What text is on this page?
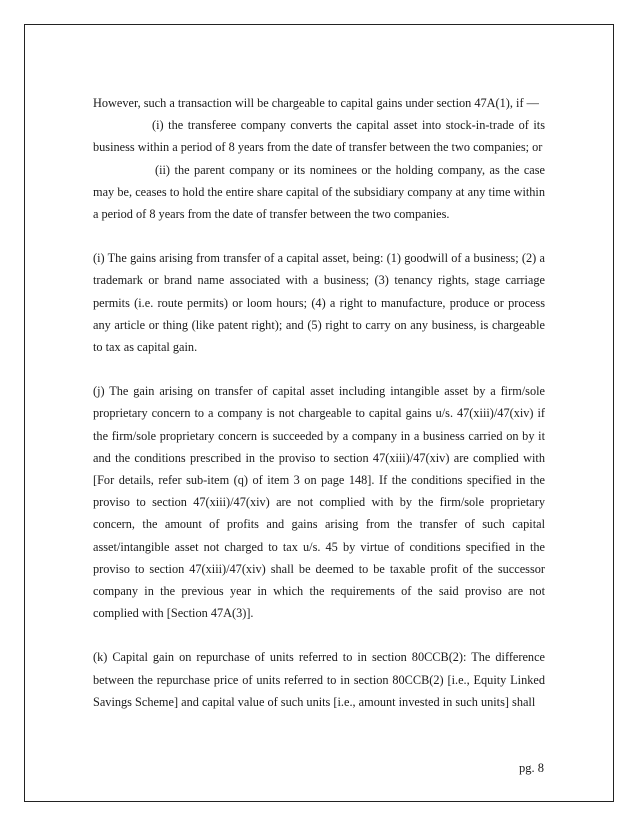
However, such a transaction will be chargeable to capital gains under section 47A(1), if —

(i) the transferee company converts the capital asset into stock-in-trade of its business within a period of 8 years from the date of transfer between the two companies; or

(ii) the parent company or its nominees or the holding company, as the case may be, ceases to hold the entire share capital of the subsidiary company at any time within a period of 8 years from the date of transfer between the two companies.

(i) The gains arising from transfer of a capital asset, being: (1) goodwill of a business; (2) a trademark or brand name associated with a business; (3) tenancy rights, stage carriage permits (i.e. route permits) or loom hours; (4) a right to manufacture, produce or process any article or thing (like patent right); and (5) right to carry on any business, is chargeable to tax as capital gain.

(j) The gain arising on transfer of capital asset including intangible asset by a firm/sole proprietary concern to a company is not chargeable to capital gains u/s. 47(xiii)/47(xiv) if the firm/sole proprietary concern is succeeded by a company in a business carried on by it and the conditions prescribed in the proviso to section 47(xiii)/47(xiv) are complied with [For details, refer sub-item (q) of item 3 on page 148]. If the conditions specified in the proviso to section 47(xiii)/47(xiv) are not complied with by the firm/sole proprietary concern, the amount of profits and gains arising from the transfer of such capital asset/intangible asset not charged to tax u/s. 45 by virtue of conditions specified in the proviso to section 47(xiii)/47(xiv) shall be deemed to be taxable profit of the successor company in the previous year in which the requirements of the said proviso are not complied with [Section 47A(3)].

(k) Capital gain on repurchase of units referred to in section 80CCB(2): The difference between the repurchase price of units referred to in section 80CCB(2) [i.e., Equity Linked Savings Scheme] and capital value of such units [i.e., amount invested in such units] shall

pg. 8
